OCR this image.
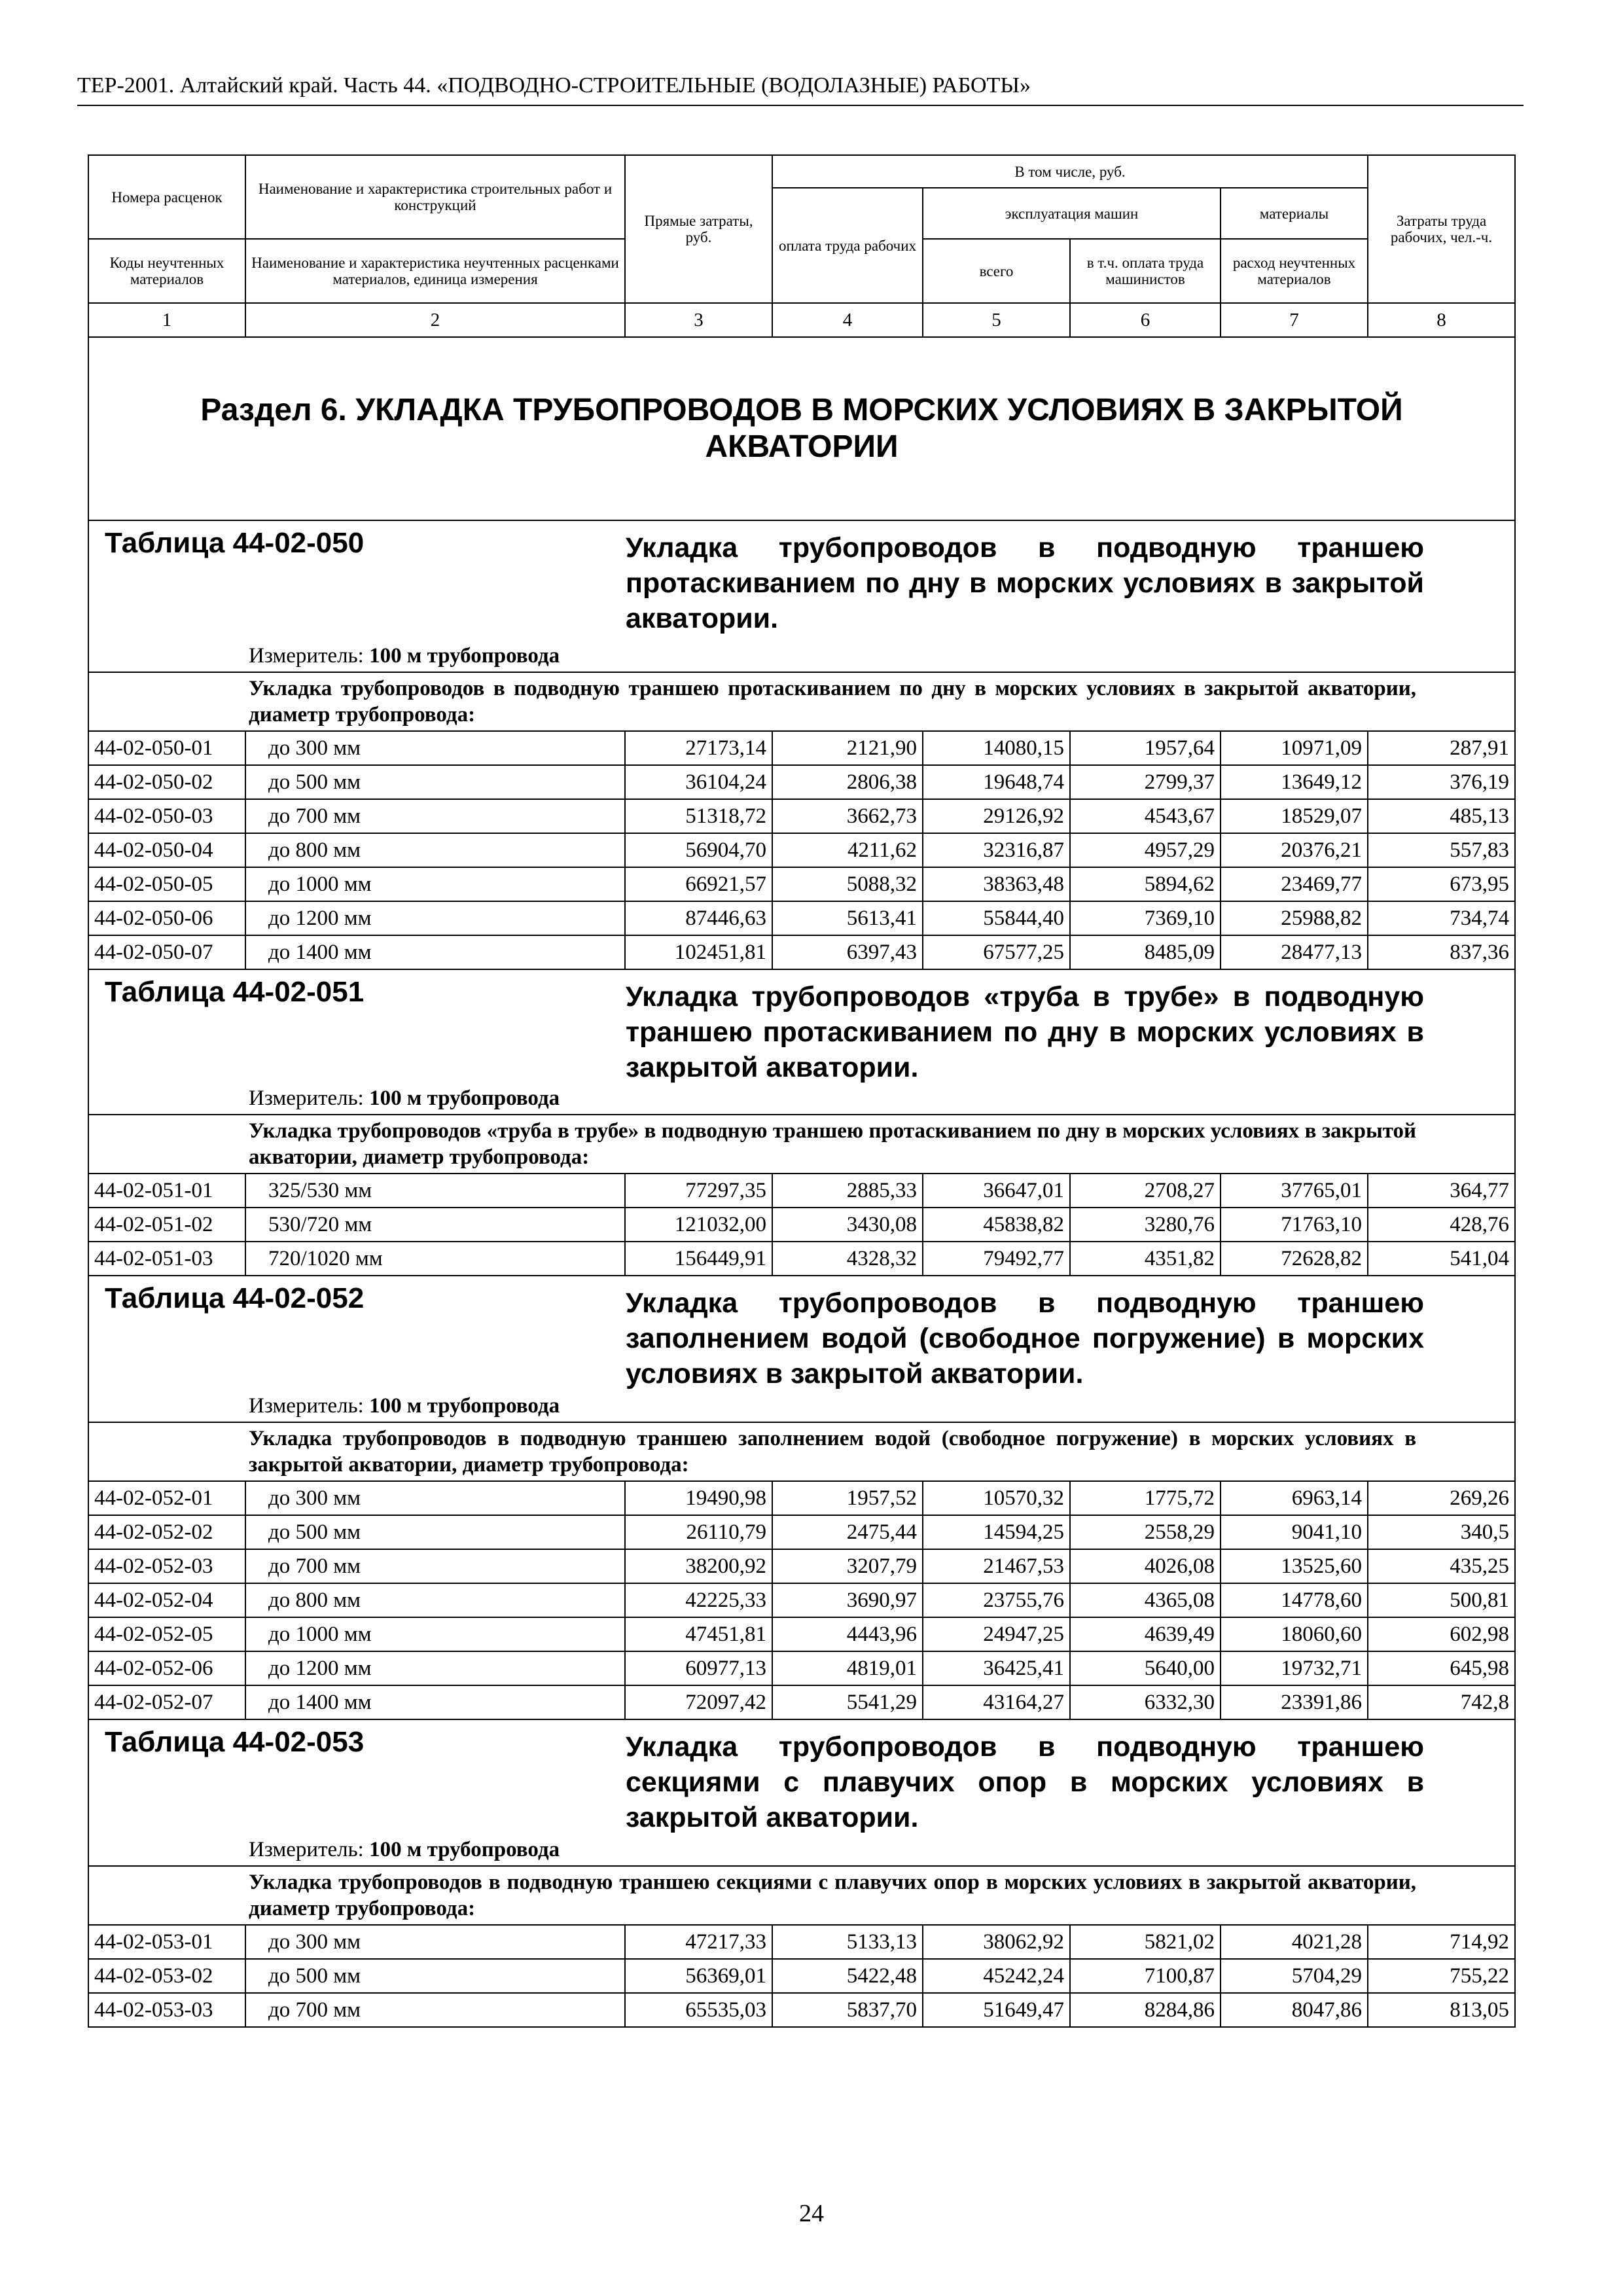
ТЕР-2001. Алтайский край. Часть 44. «ПОДВОДНО-СТРОИТЕЛЬНЫЕ (ВОДОЛАЗНЫЕ) РАБОТЫ»
Номера расценок	Наименование и характеристика строительных работ и конструкций	Прямые затраты, руб.	В том числе, руб.				Затраты труда рабочих, чел.-ч.
			оплата труда рабочих	эксплуатация машин		материалы	
Коды неучтенных материалов	Наименование и характеристика неучтенных расценками материалов, единица измерения			всего	в т.ч. оплата труда машинистов	расход неучтенных материалов	
1	2	3	4	5	6	7	8

Раздел 6. УКЛАДКА ТРУБОПРОВОДОВ В МОРСКИХ УСЛОВИЯХ В ЗАКРЫТОЙ АКВАТОРИИ							

Таблица 44-02-050 Укладка трубопроводов в подводную траншею протаскиванием по дну в морских условиях в закрытой акватории.
Измеритель: 100 м трубопровода							

Укладка трубопроводов в подводную траншею протаскиванием по дну в морских условиях в закрытой акватории, диаметр трубопровода:							
44-02-050-01	до 300 мм	27173,14	2121,90	14080,15	1957,64	10971,09	287,91
44-02-050-02	до 500 мм	36104,24	2806,38	19648,74	2799,37	13649,12	376,19
44-02-050-03	до 700 мм	51318,72	3662,73	29126,92	4543,67	18529,07	485,13
44-02-050-04	до 800 мм	56904,70	4211,62	32316,87	4957,29	20376,21	557,83
44-02-050-05	до 1000 мм	66921,57	5088,32	38363,48	5894,62	23469,77	673,95
44-02-050-06	до 1200 мм	87446,63	5613,41	55844,40	7369,10	25988,82	734,74
44-02-050-07	до 1400 мм	102451,81	6397,43	67577,25	8485,09	28477,13	837,36

Таблица 44-02-051 Укладка трубопроводов «труба в трубе» в подводную траншею протаскиванием по дну в морских условиях в закрытой акватории.
Измеритель: 100 м трубопровода							

Укладка трубопроводов «труба в трубе» в подводную траншею протаскиванием по дну в морских условиях в закрытой акватории, диаметр трубопровода:							
44-02-051-01	325/530 мм	77297,35	2885,33	36647,01	2708,27	37765,01	364,77
44-02-051-02	530/720 мм	121032,00	3430,08	45838,82	3280,76	71763,10	428,76
44-02-051-03	720/1020 мм	156449,91	4328,32	79492,77	4351,82	72628,82	541,04

Таблица 44-02-052 Укладка трубопроводов в подводную траншею заполнением водой (свободное погружение) в морских условиях в закрытой акватории.
Измеритель: 100 м трубопровода							

Укладка трубопроводов в подводную траншею заполнением водой (свободное погружение) в морских условиях в закрытой акватории, диаметр трубопровода:							
44-02-052-01	до 300 мм	19490,98	1957,52	10570,32	1775,72	6963,14	269,26
44-02-052-02	до 500 мм	26110,79	2475,44	14594,25	2558,29	9041,10	340,5
44-02-052-03	до 700 мм	38200,92	3207,79	21467,53	4026,08	13525,60	435,25
44-02-052-04	до 800 мм	42225,33	3690,97	23755,76	4365,08	14778,60	500,81
44-02-052-05	до 1000 мм	47451,81	4443,96	24947,25	4639,49	18060,60	602,98
44-02-052-06	до 1200 мм	60977,13	4819,01	36425,41	5640,00	19732,71	645,98
44-02-052-07	до 1400 мм	72097,42	5541,29	43164,27	6332,30	23391,86	742,8

Таблица 44-02-053 Укладка трубопроводов в подводную траншею секциями с плавучих опор в морских условиях в закрытой акватории.
Измеритель: 100 м трубопровода							

Укладка трубопроводов в подводную траншею секциями с плавучих опор в морских условиях в закрытой акватории, диаметр трубопровода:							
44-02-053-01	до 300 мм	47217,33	5133,13	38062,92	5821,02	4021,28	714,92
44-02-053-02	до 500 мм	56369,01	5422,48	45242,24	7100,87	5704,29	755,22
44-02-053-03	до 700 мм	65535,03	5837,70	51649,47	8284,86	8047,86	813,05
24
